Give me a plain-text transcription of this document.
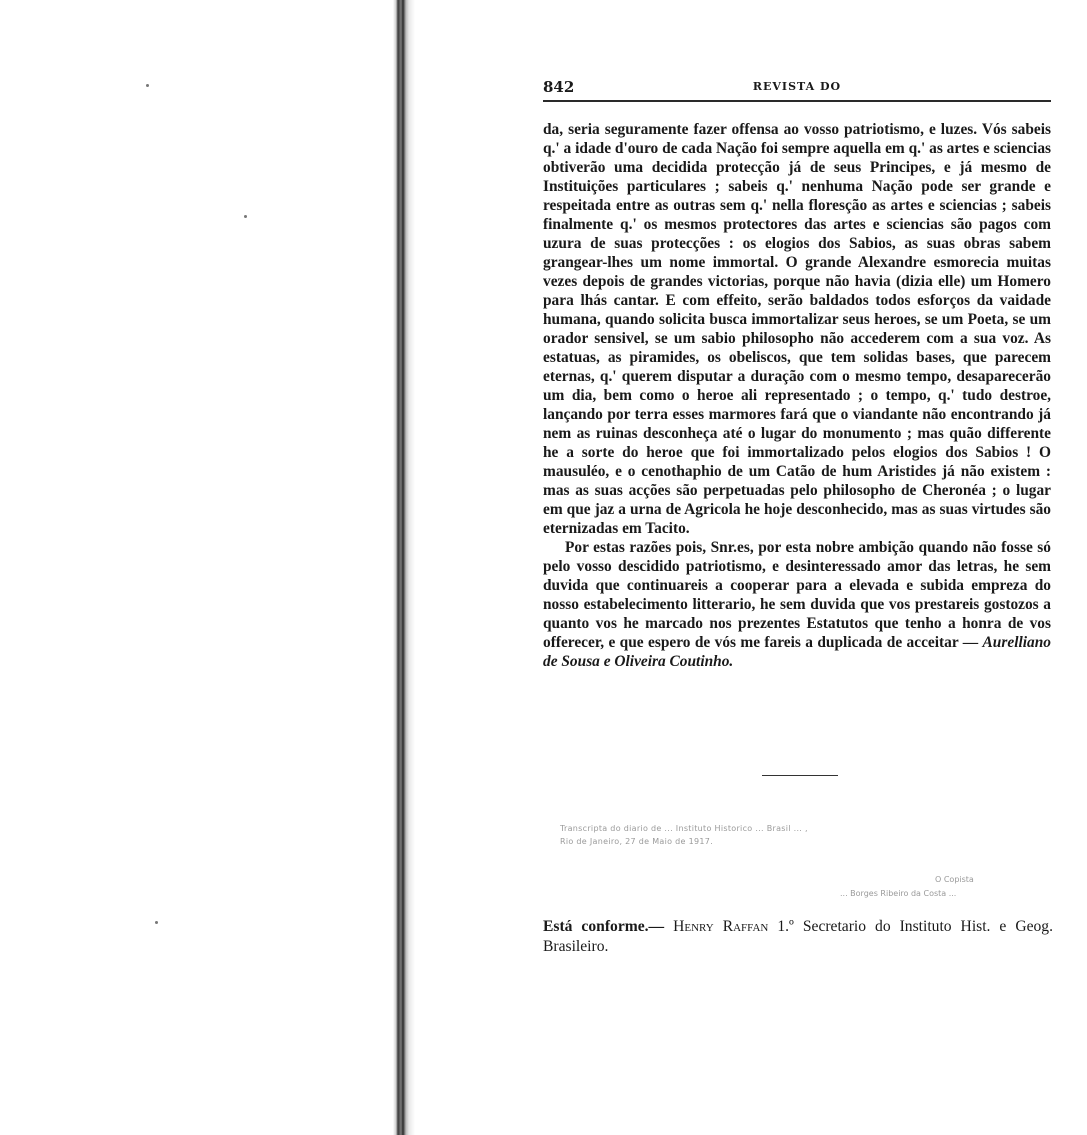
842	REVISTA DO

da, seria seguramente fazer offensa ao vosso patriotismo, e luzes. Vós sabeis q.' a idade d'ouro de cada Nação foi sempre aquella em q.' as artes e sciencias obtiverão uma decidida protecção já de seus Principes, e já mesmo de Instituições particulares ; sabeis q.' nenhuma Nação pode ser grande e respeitada entre as outras sem q.' nella floresção as artes e sciencias ; sabeis finalmente q.' os mesmos protectores das artes e sciencias são pagos com uzura de suas protecções : os elogios dos Sabios, as suas obras sabem grangear-lhes um nome immortal. O grande Alexandre esmorecia muitas vezes depois de grandes victorias, porque não havia (dizia elle) um Homero para lhás cantar. E com effeito, serão baldados todos esforços da vaidade humana, quando solicita busca immortalizar seus heroes, se um Poeta, se um orador sensivel, se um sabio philosopho não accederem com a sua voz. As estatuas, as piramides, os obeliscos, que tem solidas bases, que parecem eternas, q.' querem disputar a duração com o mesmo tempo, desaparecerão um dia, bem como o heroe ali representado ; o tempo, q.' tudo destroe, lançando por terra esses marmores fará que o viandante não encontrando já nem as ruinas desconheça até o lugar do monumento ; mas quão differente he a sorte do heroe que foi immortalizado pelos elogios dos Sabios ! O mausuléo, e o cenothaphio de um Catão de hum Aristides já não existem : mas as suas acções são perpetuadas pelo philosopho de Cheronéa ; o lugar em que jaz a urna de Agricola he hoje desconhecido, mas as suas virtudes são eternizadas em Tacito.

Por estas razões pois, Snr.es, por esta nobre ambição quando não fosse só pelo vosso descidido patriotismo, e desinteressado amor das letras, he sem duvida que continuareis a cooperar para a elevada e subida empreza do nosso estabelecimento litterario, he sem duvida que vos prestareis gostozos a quanto vos he marcado nos prezentes Estatutos que tenho a honra de vos offerecer, e que espero de vós me fareis a duplicada de acceitar — Aurelliano de Sousa e Oliveira Coutinho.

Transcripta do diario de ... Instituto Historico ... Brasil ... ,
Rio de Janeiro, 27 de Maio de 1917.
O Copista
... Borges Ribeiro da Costa ...
Está conforme.— Henry Raffan 1.º Secretario do Instituto Hist. e Geog. Brasileiro.
